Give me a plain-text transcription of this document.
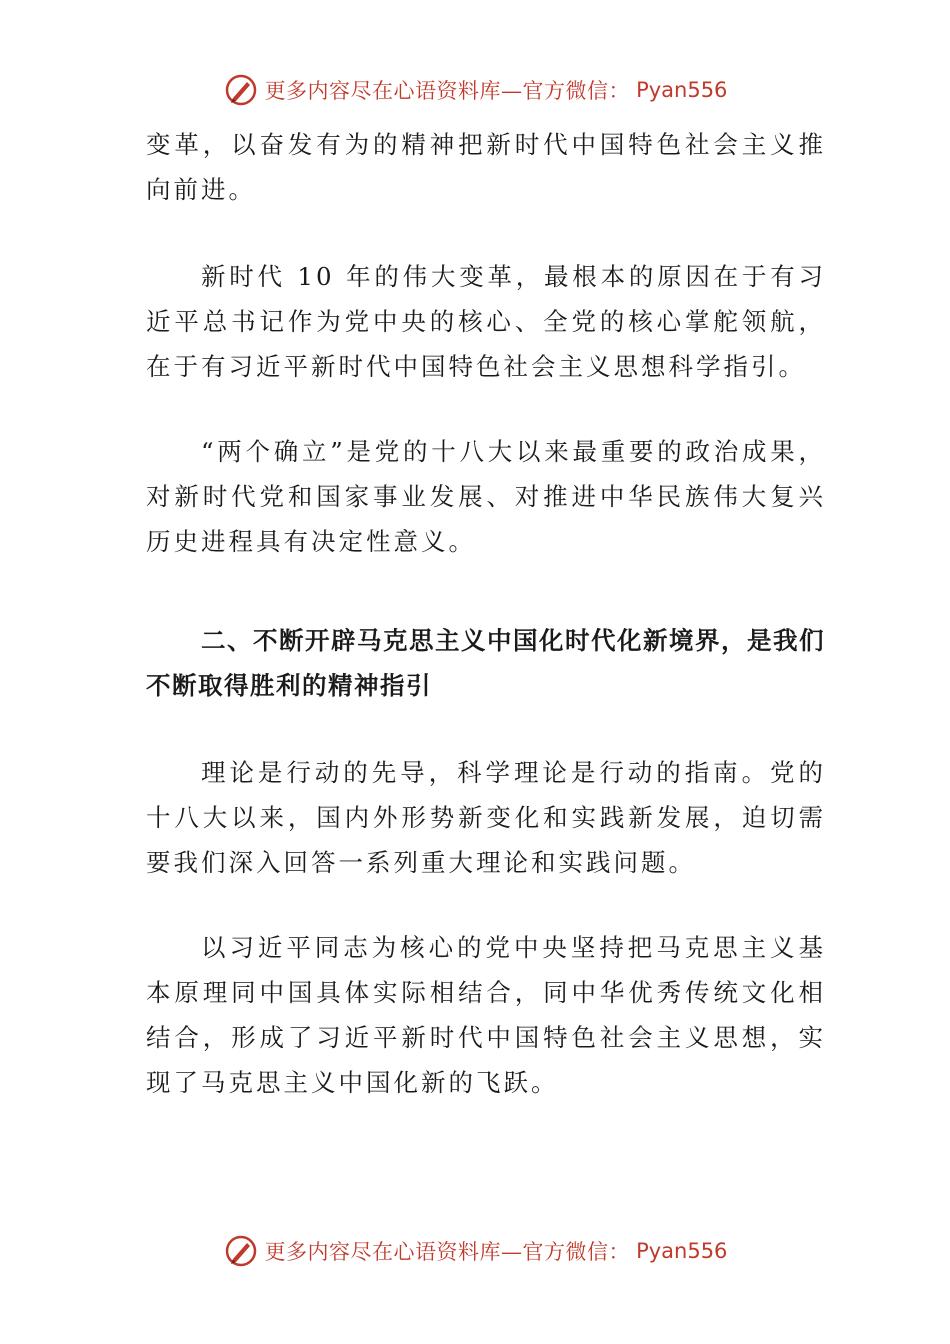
更多内容尽在心语资料库—官方微信： Pyan556

变革，以奋发有为的精神把新时代中国特色社会主义推向前进。

新时代 10 年的伟大变革，最根本的原因在于有习近平总书记作为党中央的核心、全党的核心掌舵领航，在于有习近平新时代中国特色社会主义思想科学指引。

“两个确立”是党的十八大以来最重要的政治成果，对新时代党和国家事业发展、对推进中华民族伟大复兴历史进程具有决定性意义。

二、不断开辟马克思主义中国化时代化新境界，是我们不断取得胜利的精神指引

理论是行动的先导，科学理论是行动的指南。党的十八大以来，国内外形势新变化和实践新发展，迫切需要我们深入回答一系列重大理论和实践问题。

以习近平同志为核心的党中央坚持把马克思主义基本原理同中国具体实际相结合，同中华优秀传统文化相结合，形成了习近平新时代中国特色社会主义思想，实现了马克思主义中国化新的飞跃。

更多内容尽在心语资料库—官方微信： Pyan556
